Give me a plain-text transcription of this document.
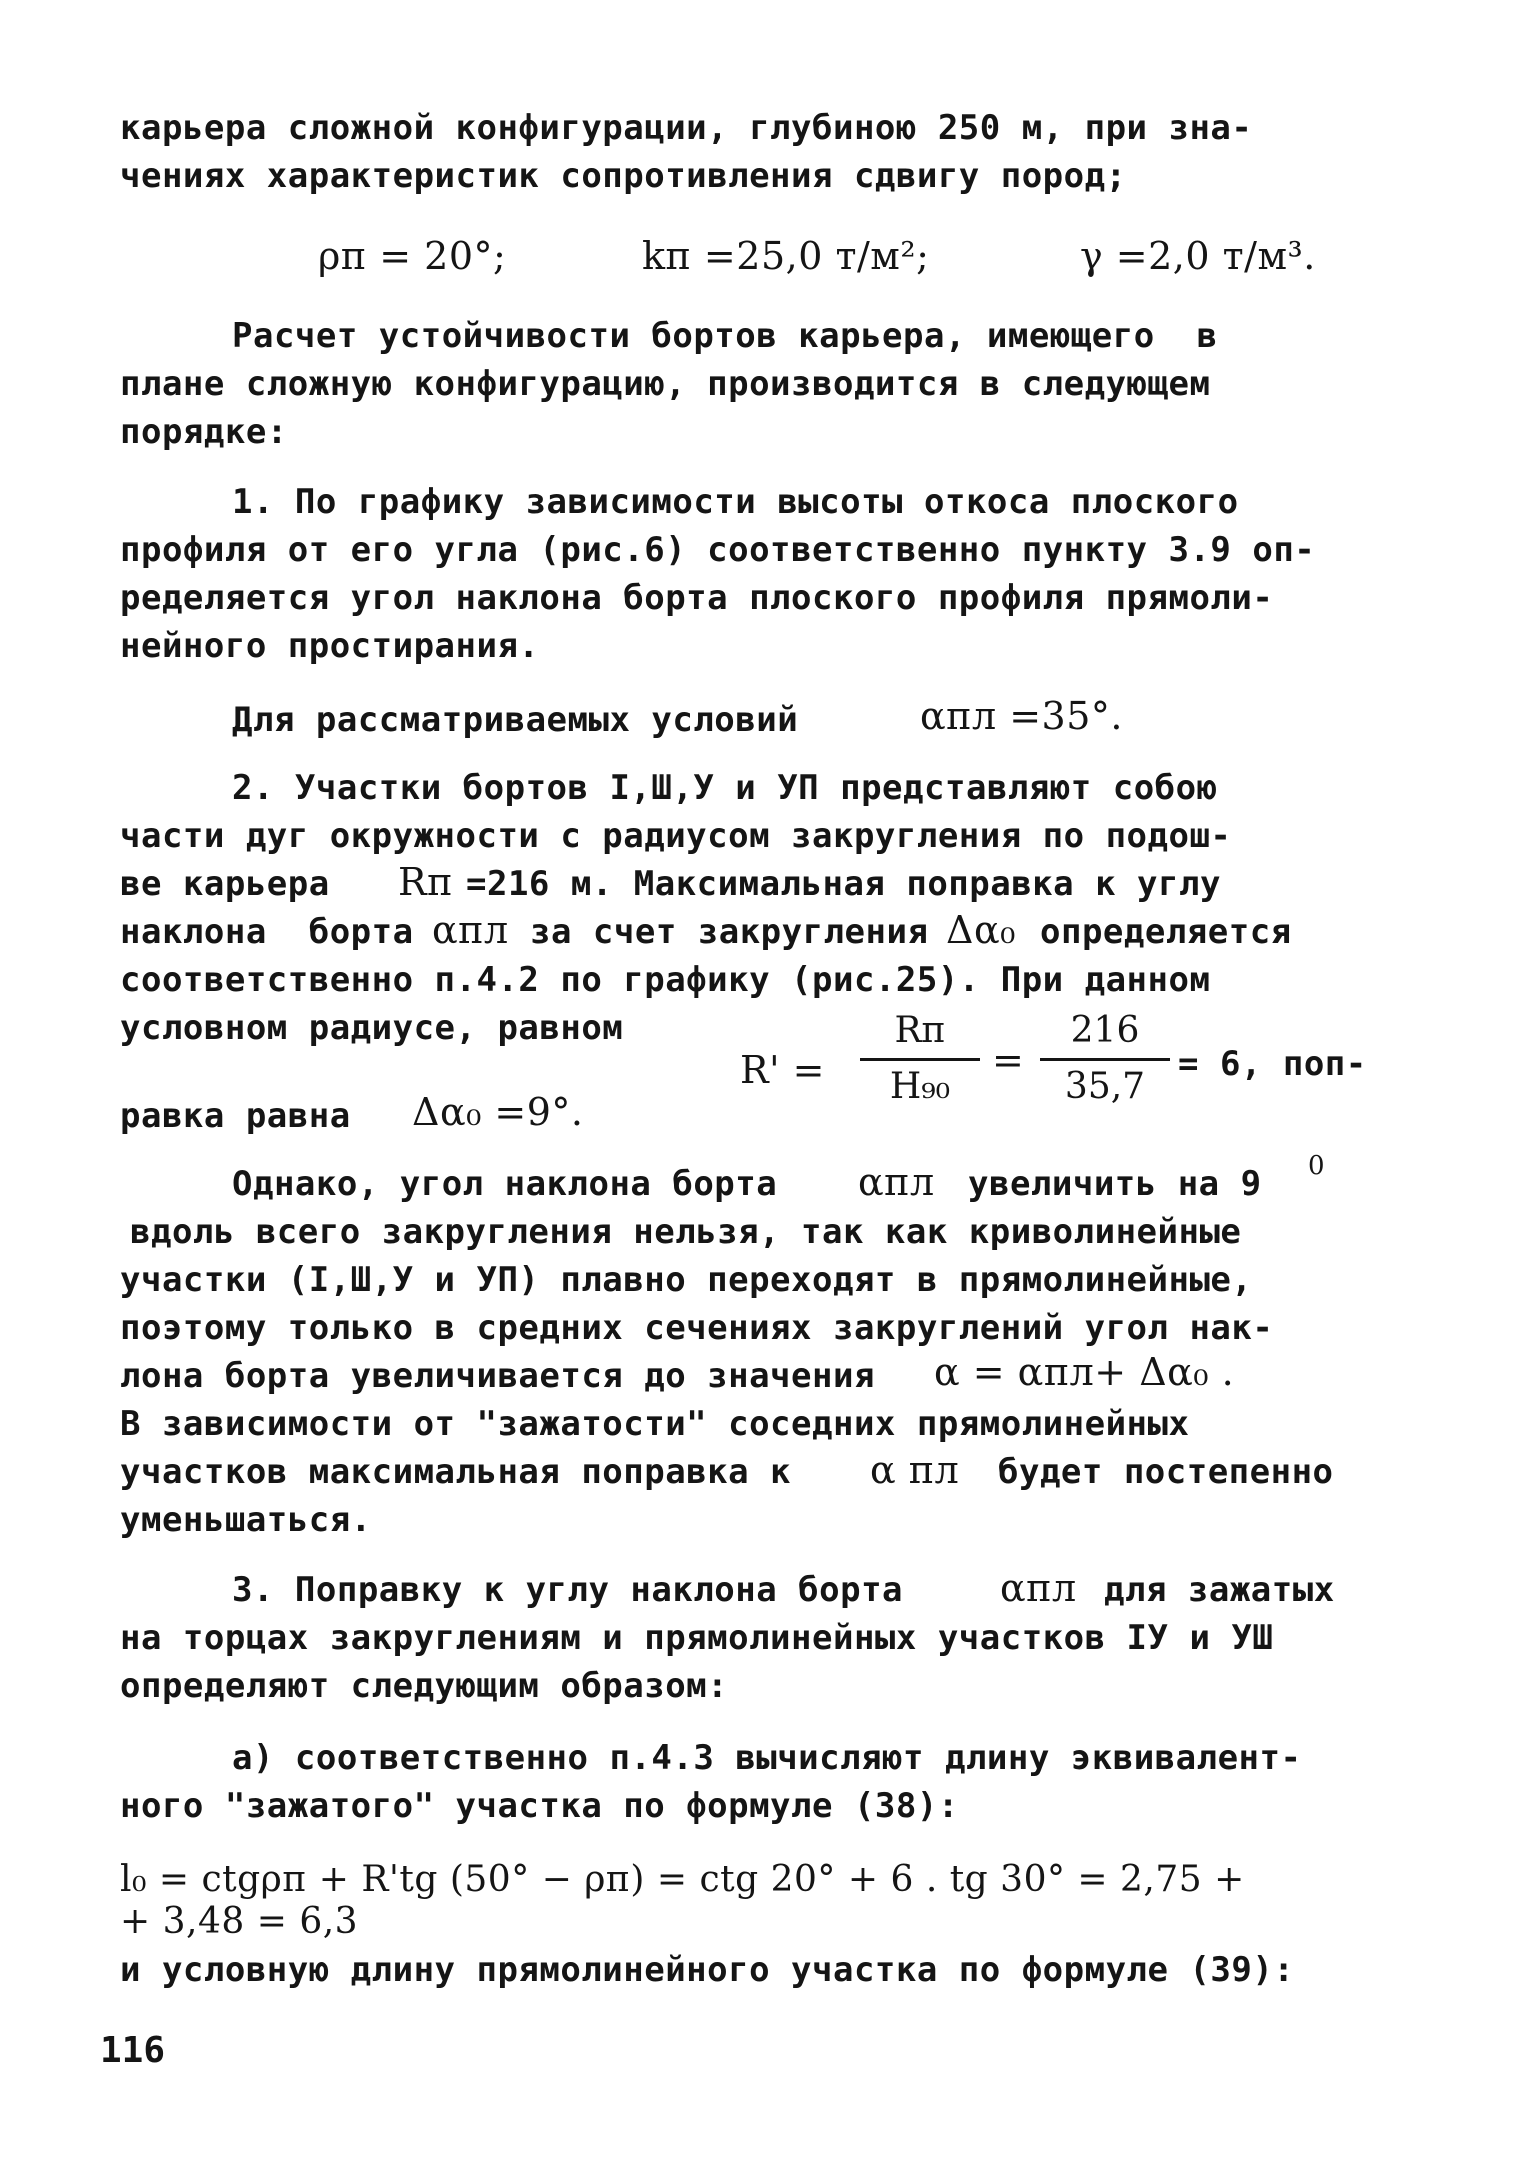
карьера сложной конфигурации, глубиною 250 м, при зна-
чениях характеристик сопротивления сдвигу пород;
ρп = 20°;	kп =25,0 т/м²;	γ =2,0 т/м³.
Расчет устойчивости бортов карьера, имеющего  в
плане сложную конфигурацию, производится в следующем
порядке:
1. По графику зависимости высоты откоса плоского
профиля от его угла (рис.6) соответственно пункту 3.9 оп-
ределяется угол наклона борта плоского профиля прямоли-
нейного простирания.
Для рассматриваемых условий	αпл =35°.
2. Участки бортов I,Ш,У и УП представляют собою
части дуг окружности с радиусом закругления по подош-
ве карьера Rп =216 м. Максимальная поправка к углу
наклона  борта αпл за счет закругления Δα₀ определяется
соответственно п.4.2 по графику (рис.25). При данном
условном радиусе, равном
R' =
Rп
H₉₀
=
216
35,7
= 6, поп-
равка равна Δα₀ =9°.
Однако, угол наклона борта αпл увеличить на 9 0
вдоль всего закругления нельзя, так как криволинейные
участки (I,Ш,У и УП) плавно переходят в прямолинейные,
поэтому только в средних сечениях закруглений угол нак-
лона борта увеличивается до значения α = αпл+ Δα₀ .
В зависимости от "зажатости" соседних прямолинейных
участков максимальная поправка к α пл будет постепенно
уменьшаться.
3. Поправку к углу наклона борта	αпл для зажатых
на торцах закруглениям и прямолинейных участков IУ и УШ
определяют следующим образом:
а) соответственно п.4.3 вычисляют длину эквивалент-
ного "зажатого" участка по формуле (38):
l₀ = ctgρп + R'tg (50° − ρп) = ctg 20° + 6 . tg 30° = 2,75 +
+ 3,48 = 6,3
и условную длину прямолинейного участка по формуле (39):
116
